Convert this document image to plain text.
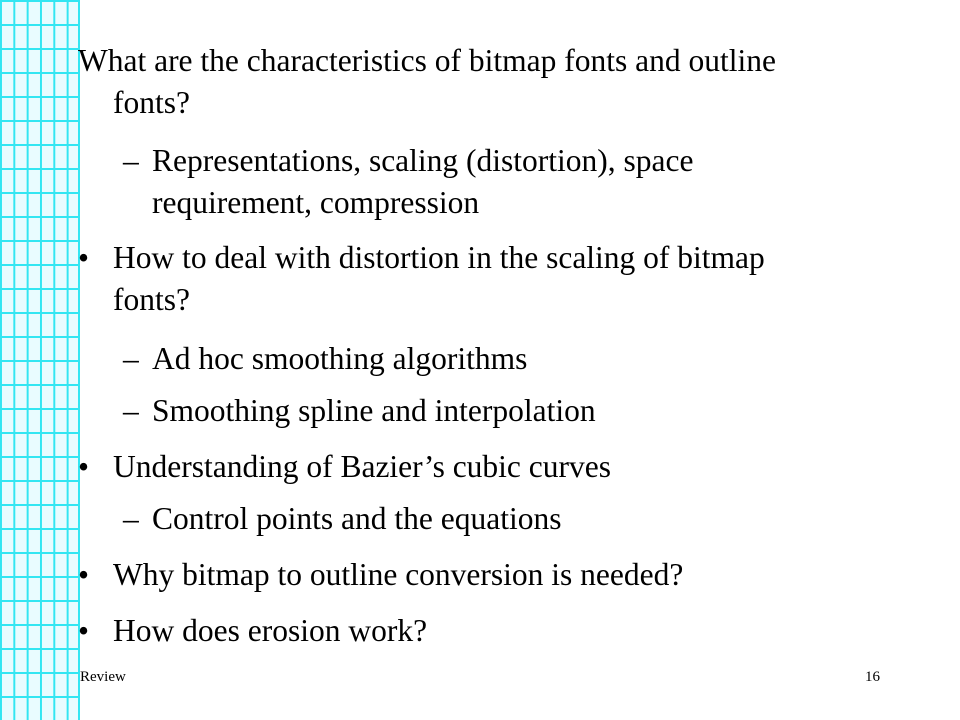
What are the characteristics of bitmap fonts and outline
fonts?
– Representations, scaling (distortion), space
requirement, compression
• How to deal with distortion in the scaling of bitmap
fonts?
– Ad hoc smoothing algorithms
– Smoothing spline and interpolation
• Understanding of Bazier’s cubic curves
– Control points and the equations
• Why bitmap to outline conversion is needed?
• How does erosion work?
Review	16
